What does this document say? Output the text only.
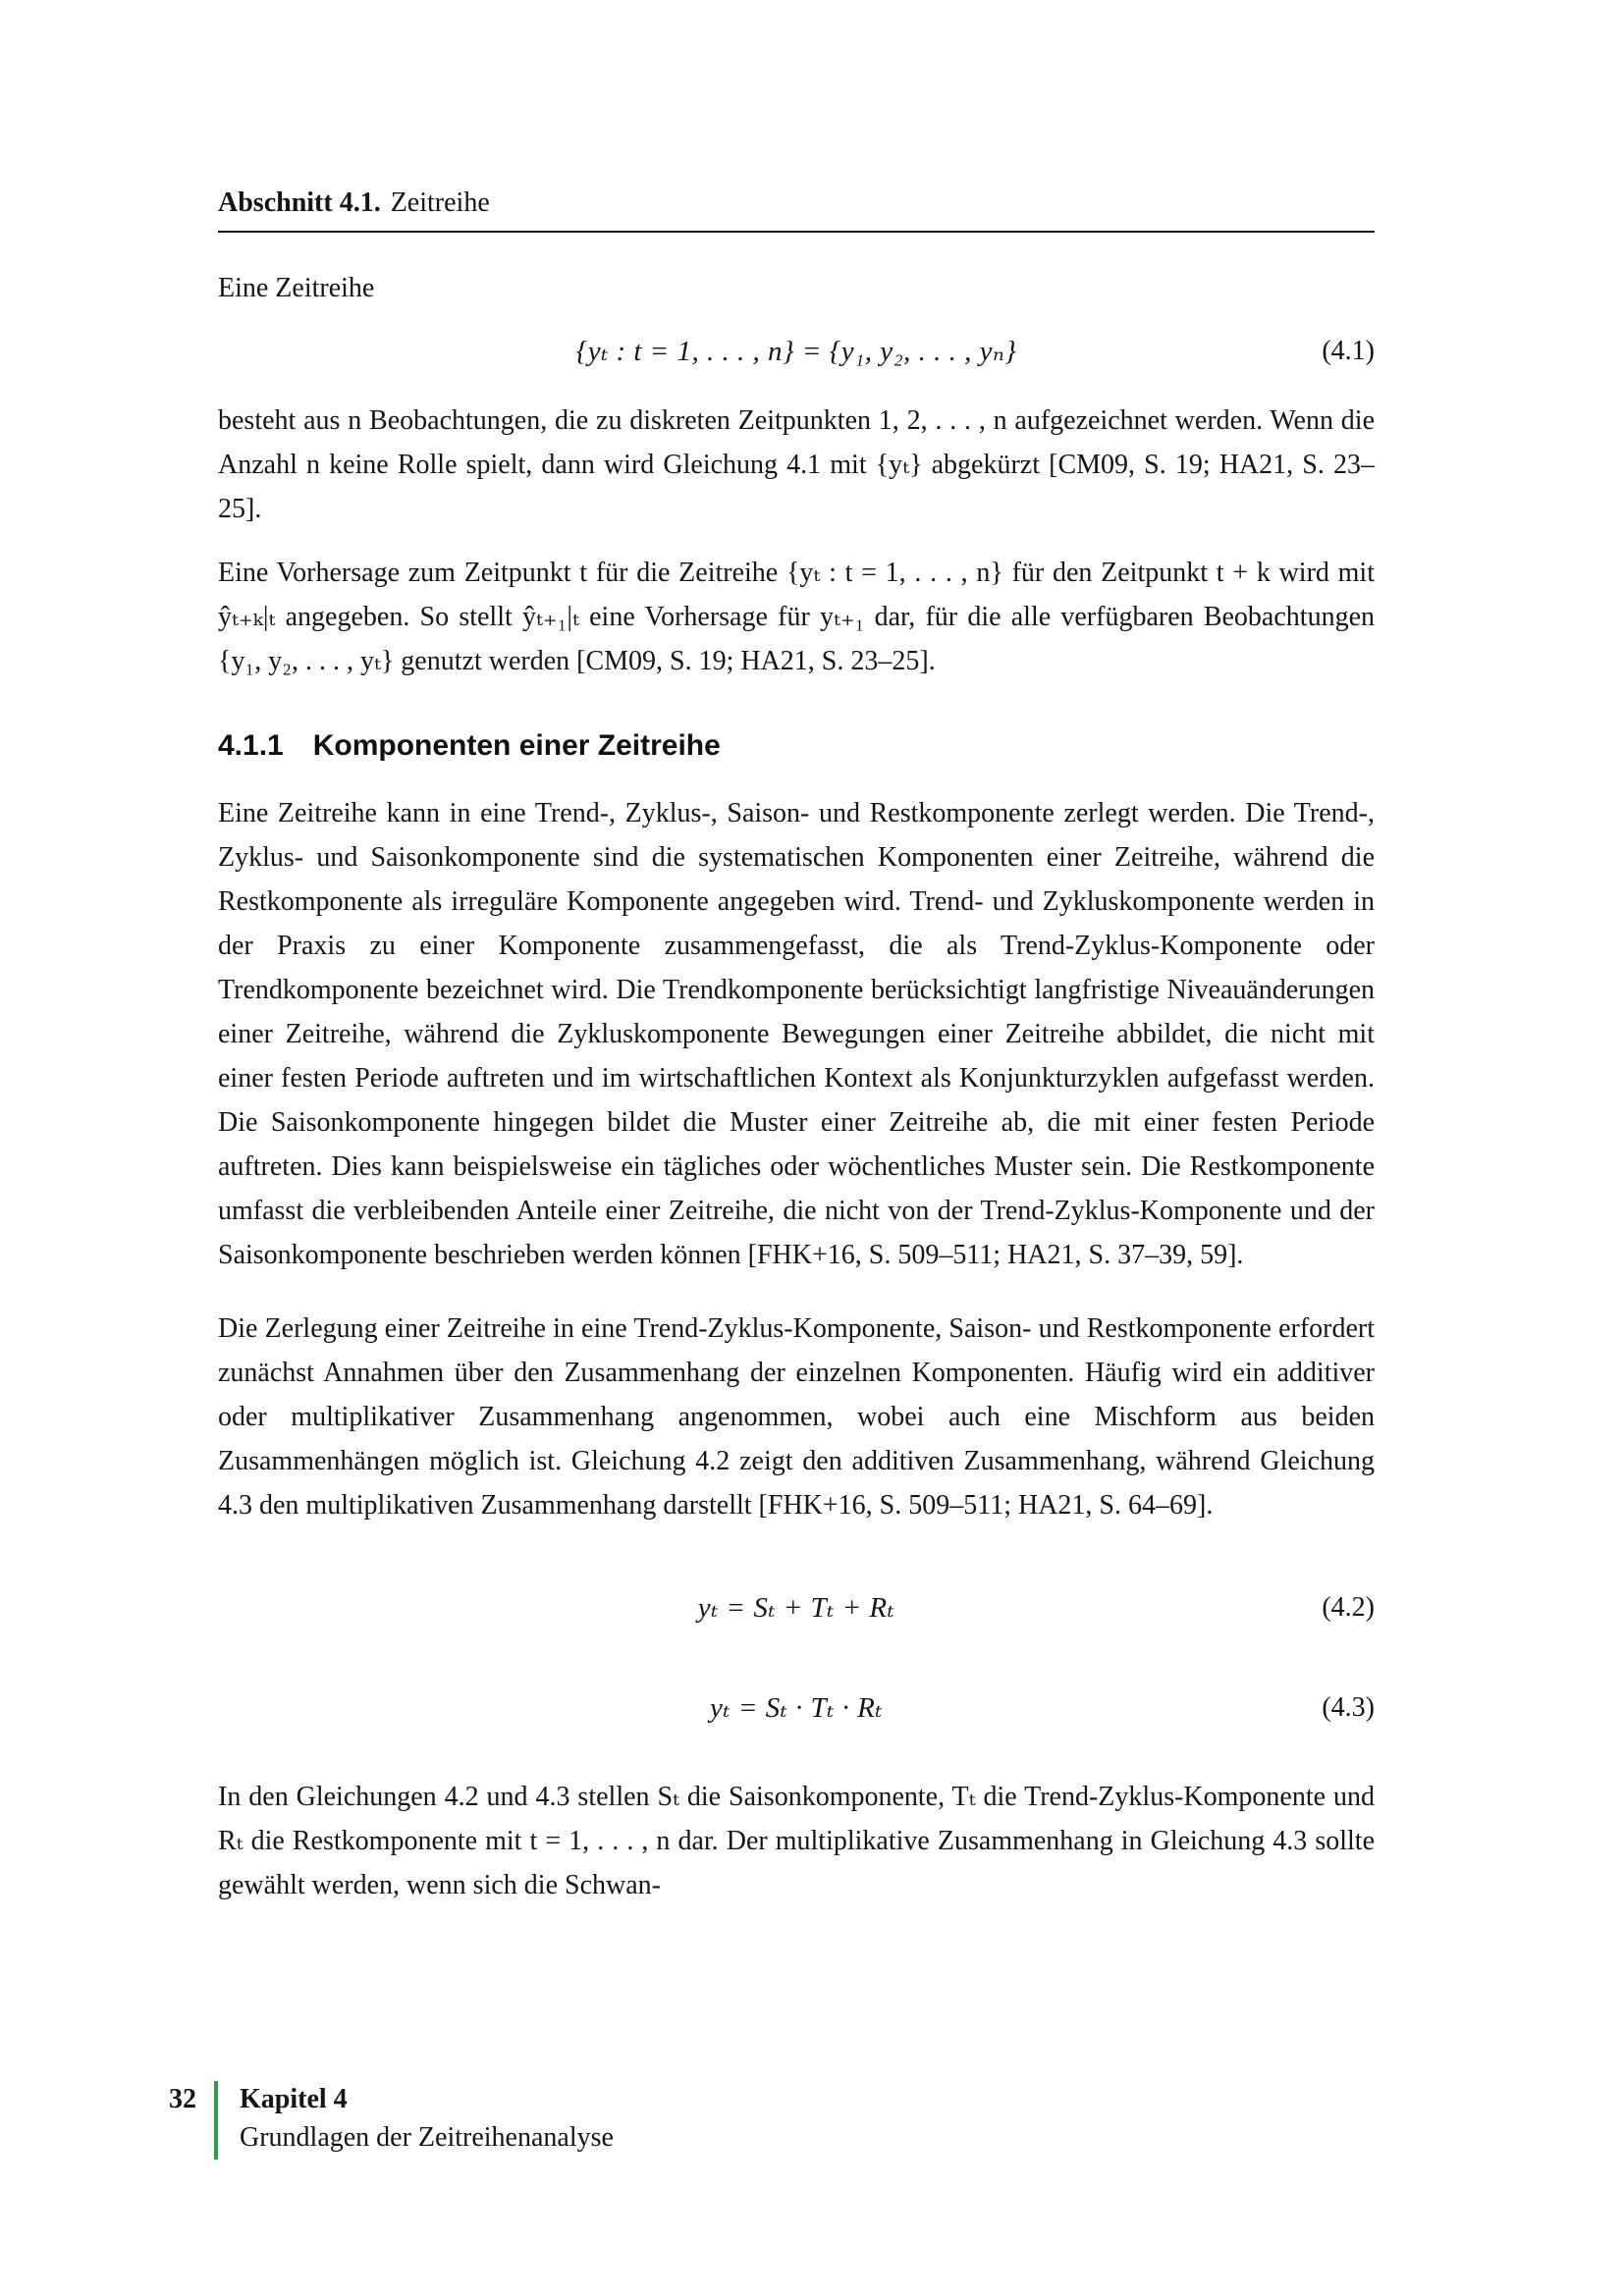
Abschnitt 4.1. Zeitreihe

Eine Zeitreihe

{yₜ : t = 1, . . . , n} = {y₁, y₂, . . . , yₙ}	(4.1)

besteht aus n Beobachtungen, die zu diskreten Zeitpunkten 1, 2, . . . , n aufgezeichnet werden. Wenn die Anzahl n keine Rolle spielt, dann wird Gleichung 4.1 mit {yₜ} abgekürzt [CM09, S. 19; HA21, S. 23–25].

Eine Vorhersage zum Zeitpunkt t für die Zeitreihe {yₜ : t = 1, . . . , n} für den Zeitpunkt t + k wird mit ŷₜ₊ₖ|ₜ angegeben. So stellt ŷₜ₊₁|ₜ eine Vorhersage für yₜ₊₁ dar, für die alle verfügbaren Beobachtungen {y₁, y₂, . . . , yₜ} genutzt werden [CM09, S. 19; HA21, S. 23–25].

4.1.1 Komponenten einer Zeitreihe

Eine Zeitreihe kann in eine Trend-, Zyklus-, Saison- und Restkomponente zerlegt werden. Die Trend-, Zyklus- und Saisonkomponente sind die systematischen Komponenten einer Zeitreihe, während die Restkomponente als irreguläre Komponente angegeben wird. Trend- und Zykluskomponente werden in der Praxis zu einer Komponente zusammengefasst, die als Trend-Zyklus-Komponente oder Trendkomponente bezeichnet wird. Die Trendkomponente berücksichtigt langfristige Niveauänderungen einer Zeitreihe, während die Zykluskomponente Bewegungen einer Zeitreihe abbildet, die nicht mit einer festen Periode auftreten und im wirtschaftlichen Kontext als Konjunkturzyklen aufgefasst werden. Die Saisonkomponente hingegen bildet die Muster einer Zeitreihe ab, die mit einer festen Periode auftreten. Dies kann beispielsweise ein tägliches oder wöchentliches Muster sein. Die Restkomponente umfasst die verbleibenden Anteile einer Zeitreihe, die nicht von der Trend-Zyklus-Komponente und der Saisonkomponente beschrieben werden können [FHK+16, S. 509–511; HA21, S. 37–39, 59].

Die Zerlegung einer Zeitreihe in eine Trend-Zyklus-Komponente, Saison- und Restkomponente erfordert zunächst Annahmen über den Zusammenhang der einzelnen Komponenten. Häufig wird ein additiver oder multiplikativer Zusammenhang angenommen, wobei auch eine Mischform aus beiden Zusammenhängen möglich ist. Gleichung 4.2 zeigt den additiven Zusammenhang, während Gleichung 4.3 den multiplikativen Zusammenhang darstellt [FHK+16, S. 509–511; HA21, S. 64–69].

yₜ = Sₜ + Tₜ + Rₜ	(4.2)
yₜ = Sₜ · Tₜ · Rₜ	(4.3)

In den Gleichungen 4.2 und 4.3 stellen Sₜ die Saisonkomponente, Tₜ die Trend-Zyklus-Komponente und Rₜ die Restkomponente mit t = 1, . . . , n dar. Der multiplikative Zusammenhang in Gleichung 4.3 sollte gewählt werden, wenn sich die Schwan-

32 Kapitel 4
Grundlagen der Zeitreihenanalyse
